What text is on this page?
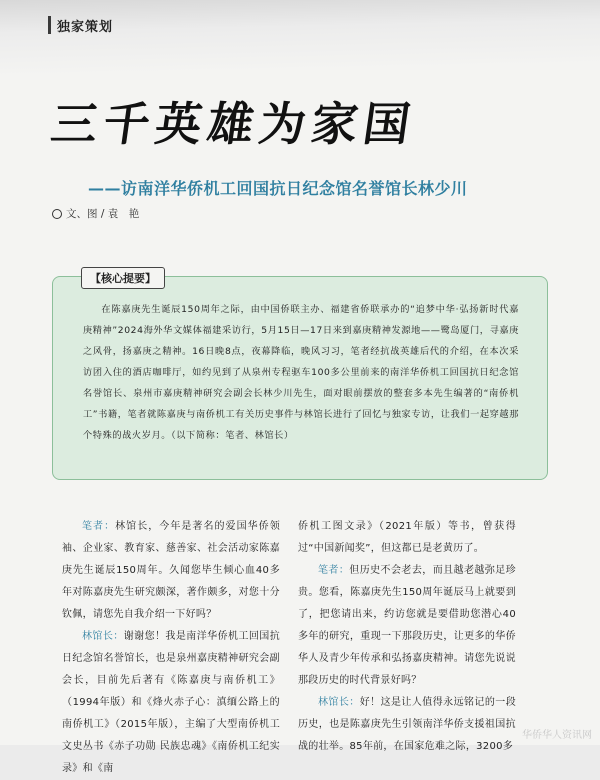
独家策划
三千英雄为家国
——访南洋华侨机工回国抗日纪念馆名誉馆长林少川
文、图 / 袁　艳
【核心提要】
在陈嘉庚先生诞辰150周年之际，由中国侨联主办、福建省侨联承办的“追梦中华·弘扬新时代嘉庚精神”2024海外华文媒体福建采访行，5月15日—17日来到嘉庚精神发源地——鹭岛厦门，寻嘉庚之风骨，扬嘉庚之精神。16日晚8点，夜幕降临，晚风习习，笔者经抗战英雄后代的介绍，在本次采访团入住的酒店咖啡厅，如约见到了从泉州专程驱车100多公里前来的南洋华侨机工回国抗日纪念馆名誉馆长、泉州市嘉庚精神研究会副会长林少川先生，面对眼前摆放的整套多本先生编著的“南侨机工”书籍，笔者就陈嘉庚与南侨机工有关历史事件与林馆长进行了回忆与独家专访，让我们一起穿越那个特殊的战火岁月。（以下简称：笔者、林馆长）

笔者：林馆长，今年是著名的爱国华侨领袖、企业家、教育家、慈善家、社会活动家陈嘉庚先生诞辰150周年。久闻您毕生倾心血40多年对陈嘉庚先生研究颇深，著作颇多，对您十分钦佩，请您先自我介绍一下好吗？

林馆长：谢谢您！我是南洋华侨机工回国抗日纪念馆名誉馆长，也是泉州嘉庚精神研究会副会长，目前先后著有《陈嘉庚与南侨机工》（1994年版）和《烽火赤子心：滇缅公路上的南侨机工》（2015年版），主编了大型南侨机工文史丛书《赤子功勋 民族忠魂》《南侨机工纪实录》和《南

侨机工图文录》（2021年版）等书，曾获得过“中国新闻奖”，但这都已是老黄历了。

笔者：但历史不会老去，而且越老越弥足珍贵。您看，陈嘉庚先生150周年诞辰马上就要到了，把您请出来，约访您就是要借助您潜心40多年的研究，重现一下那段历史，让更多的华侨华人及青少年传承和弘扬嘉庚精神。请您先说说那段历史的时代背景好吗？

林馆长：好！这是让人值得永远铭记的一段历史，也是陈嘉庚先生引领南洋华侨支援祖国抗战的壮举。85年前，在国家危难之际，3200多

华侨华人资讯网
